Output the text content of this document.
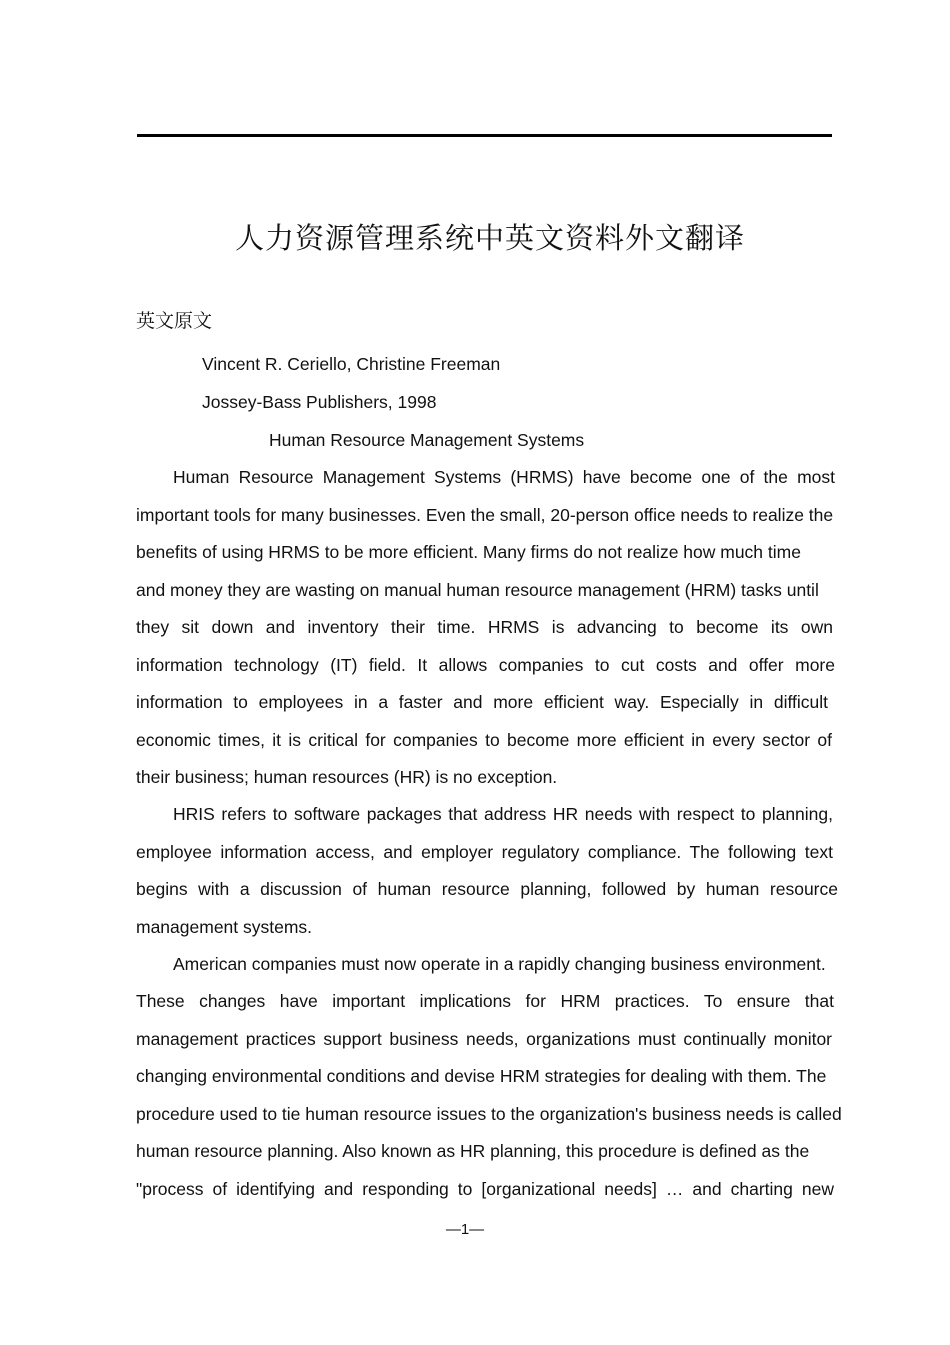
人力资源管理系统中英文资料外文翻译
英文原文
Vincent R. Ceriello, Christine Freeman
Jossey-Bass Publishers, 1998
Human Resource Management Systems
Human Resource Management Systems (HRMS) have become one of the most
important tools for many businesses. Even the small, 20-person office needs to realize the
benefits of using HRMS to be more efficient. Many firms do not realize how much time
and money they are wasting on manual human resource management (HRM) tasks until
they sit down and inventory their time. HRMS is advancing to become its own
information technology (IT) field. It allows companies to cut costs and offer more
information to employees in a faster and more efficient way. Especially in difficult
economic times, it is critical for companies to become more efficient in every sector of
their business; human resources (HR) is no exception.
HRIS refers to software packages that address HR needs with respect to planning,
employee information access, and employer regulatory compliance. The following text
begins with a discussion of human resource planning, followed by human resource
management systems.
American companies must now operate in a rapidly changing business environment.
These changes have important implications for HRM practices. To ensure that
management practices support business needs, organizations must continually monitor
changing environmental conditions and devise HRM strategies for dealing with them. The
procedure used to tie human resource issues to the organization's business needs is called
human resource planning. Also known as HR planning, this procedure is defined as the
"process of identifying and responding to [organizational needs] … and charting new
—1—
